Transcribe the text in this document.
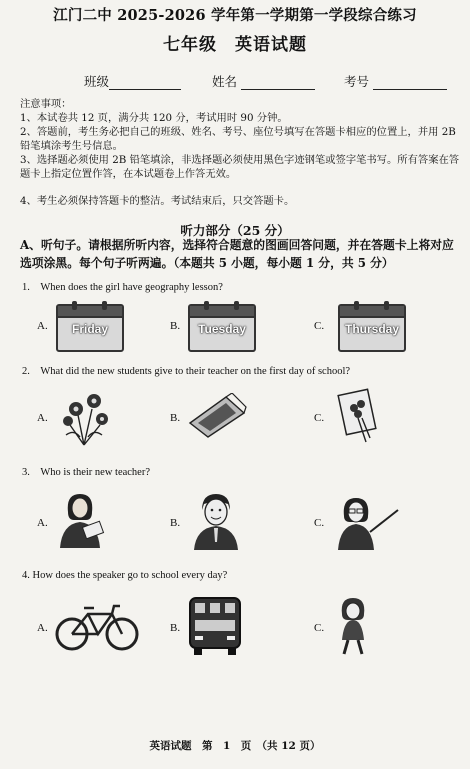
江门二中 2025-2026 学年第一学期第一学段综合练习
七年级　英语试题
班级	姓名	考号
注意事项：
1、本试卷共 12 页，满分共 120 分，考试用时 90 分钟。
2、答题前，考生务必把自己的班级、姓名、考号、座位号填写在答题卡相应的位置上，并用 2B 铅笔填涂考生号信息。
3、选择题必须使用 2B 铅笔填涂，非选择题必须使用黑色字迹钢笔或签字笔书写。所有答案在答题卡上指定位置作答，在本试题卷上作答无效。
4、考生必须保持答题卡的整洁。考试结束后，只交答题卡。
听力部分（25 分）
A、听句子。请根据所听内容，选择符合题意的图画回答问题，并在答题卡上将对应选项涂黑。每个句子听两遍。（本题共 5 小题，每小题 1 分，共 5 分）
1.　When does the girl have geography lesson?
A.	Friday	B.	Tuesday	C.	Thursday
2.　What did the new students give to their teacher on the first day of school?
A.	B.	C.
3.　Who is their new teacher?
A.	B.	C.
4. How does the speaker go to school every day?
A.	B.	C.
英语试题　第　1　页　（共 12 页）
